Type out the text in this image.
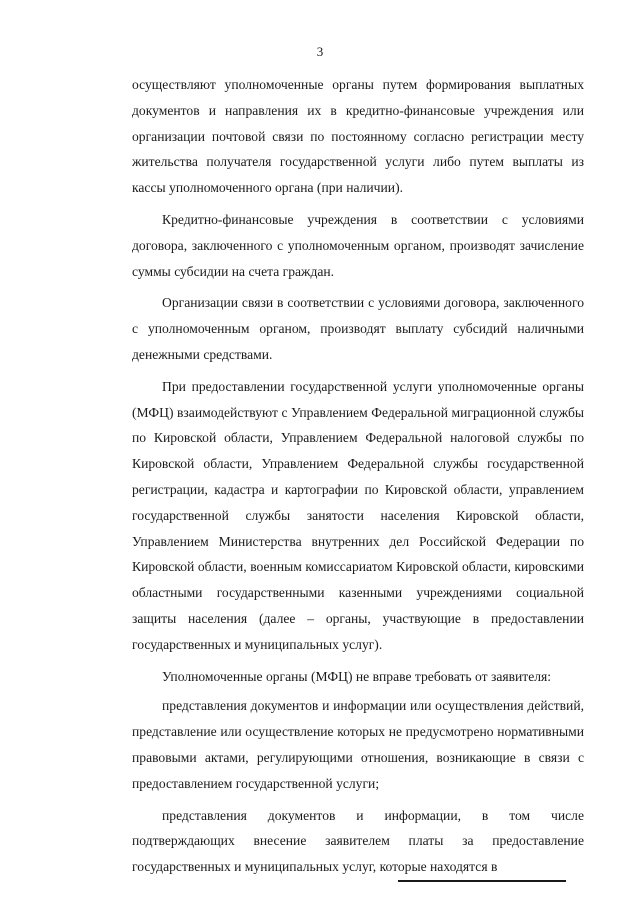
3

осуществляют уполномоченные органы путем формирования выплатных документов и направления их в кредитно-финансовые учреждения или организации почтовой связи по постоянному согласно регистрации месту жительства получателя государственной услуги либо путем выплаты из кассы уполномоченного органа (при наличии).

Кредитно-финансовые учреждения в соответствии с условиями договора, заключенного с уполномоченным органом, производят зачисление суммы субсидии на счета граждан.

Организации связи в соответствии с условиями договора, заключенного с уполномоченным органом, производят выплату субсидий наличными денежными средствами.

При предоставлении государственной услуги уполномоченные органы (МФЦ) взаимодействуют с Управлением Федеральной миграционной службы по Кировской области, Управлением Федеральной налоговой службы по Кировской области, Управлением Федеральной службы государственной регистрации, кадастра и картографии по Кировской области, управлением государственной службы занятости населения Кировской области, Управлением Министерства внутренних дел Российской Федерации по Кировской области, военным комиссариатом Кировской области, кировскими областными государственными казенными учреждениями социальной защиты населения (далее – органы, участвующие в предоставлении государственных и муниципальных услуг).

Уполномоченные органы (МФЦ) не вправе требовать от заявителя:

представления документов и информации или осуществления действий, представление или осуществление которых не предусмотрено нормативными правовыми актами, регулирующими отношения, возникающие в связи с предоставлением государственной услуги;

представления документов и информации, в том числе подтверждающих внесение заявителем платы за предоставление государственных и муниципальных услуг, которые находятся в
